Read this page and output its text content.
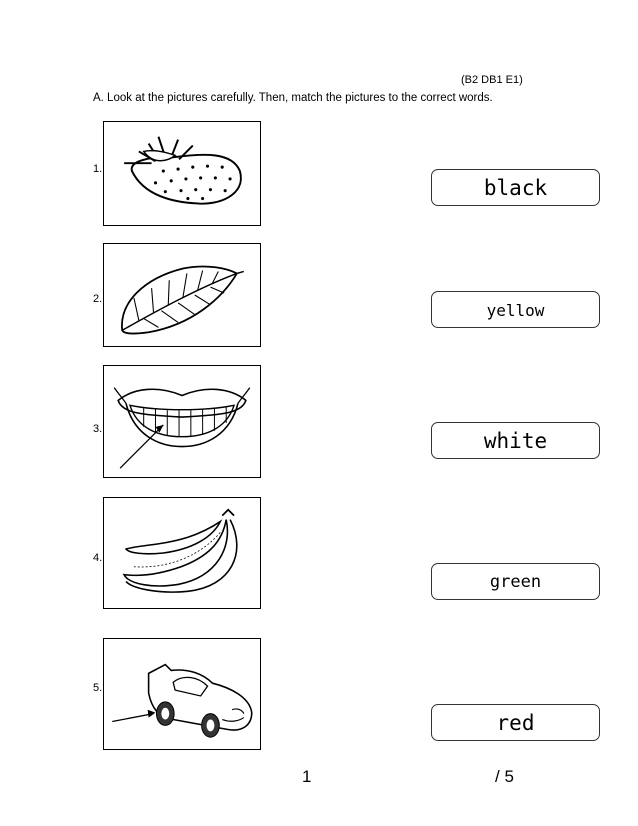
(B2 DB1 E1)
A. Look at the pictures carefully. Then, match the pictures to the correct words.
1.
black
2.
yellow
3.	white
4.
green
5.
red
1	/ 5
